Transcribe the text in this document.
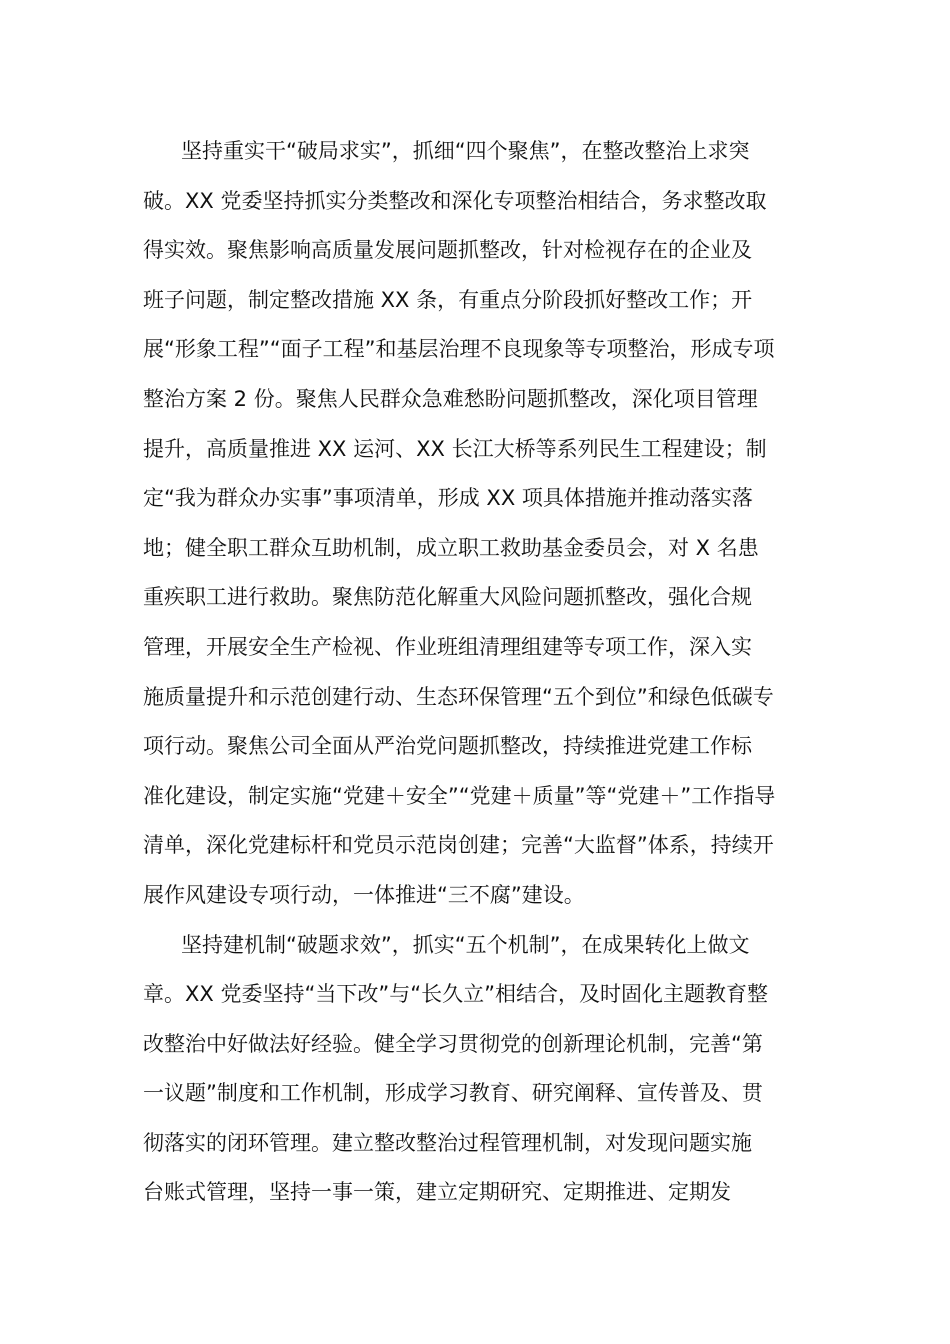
坚持重实干“破局求实”，抓细“四个聚焦”，在整改整治上求突
破。XX 党委坚持抓实分类整改和深化专项整治相结合，务求整改取
得实效。聚焦影响高质量发展问题抓整改，针对检视存在的企业及
班子问题，制定整改措施 XX 条，有重点分阶段抓好整改工作；开
展“形象工程”“面子工程”和基层治理不良现象等专项整治，形成专项
整治方案 2 份。聚焦人民群众急难愁盼问题抓整改，深化项目管理
提升，高质量推进 XX 运河、XX 长江大桥等系列民生工程建设；制
定“我为群众办实事”事项清单，形成 XX 项具体措施并推动落实落
地；健全职工群众互助机制，成立职工救助基金委员会，对 X 名患
重疾职工进行救助。聚焦防范化解重大风险问题抓整改，强化合规
管理，开展安全生产检视、作业班组清理组建等专项工作，深入实
施质量提升和示范创建行动、生态环保管理“五个到位”和绿色低碳专
项行动。聚焦公司全面从严治党问题抓整改，持续推进党建工作标
准化建设，制定实施“党建＋安全”“党建＋质量”等“党建＋”工作指导
清单，深化党建标杆和党员示范岗创建；完善“大监督”体系，持续开
展作风建设专项行动，一体推进“三不腐”建设。
坚持建机制“破题求效”，抓实“五个机制”，在成果转化上做文
章。XX 党委坚持“当下改”与“长久立”相结合，及时固化主题教育整
改整治中好做法好经验。健全学习贯彻党的创新理论机制，完善“第
一议题”制度和工作机制，形成学习教育、研究阐释、宣传普及、贯
彻落实的闭环管理。建立整改整治过程管理机制，对发现问题实施
台账式管理，坚持一事一策，建立定期研究、定期推进、定期发
